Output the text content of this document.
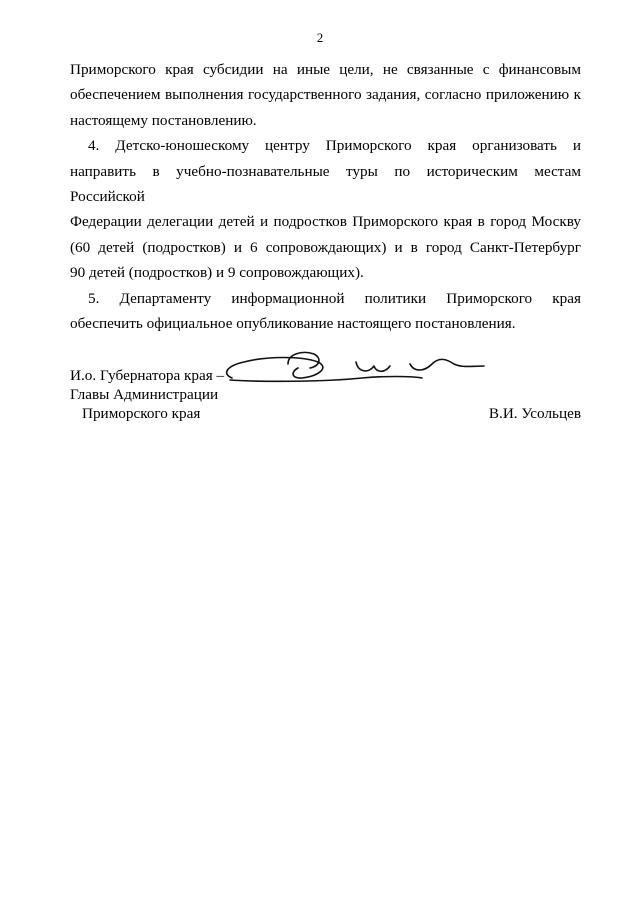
2

Приморского края субсидии на иные цели, не связанные с финансовым
обеспечением выполнения государственного задания, согласно приложению к
настоящему постановлению.

4. Детско-юношескому центру Приморского края организовать и
направить в учебно-познавательные туры по историческим местам Российской
Федерации делегации детей и подростков Приморского края в город Москву
(60 детей (подростков) и 6 сопровождающих) и в город Санкт-Петербург
90 детей (подростков) и 9 сопровождающих).

5. Департаменту информационной политики Приморского края
обеспечить официальное опубликование настоящего постановления.

И.о. Губернатора края –
Главы Администрации
Приморского края	В.И. Усольцев
